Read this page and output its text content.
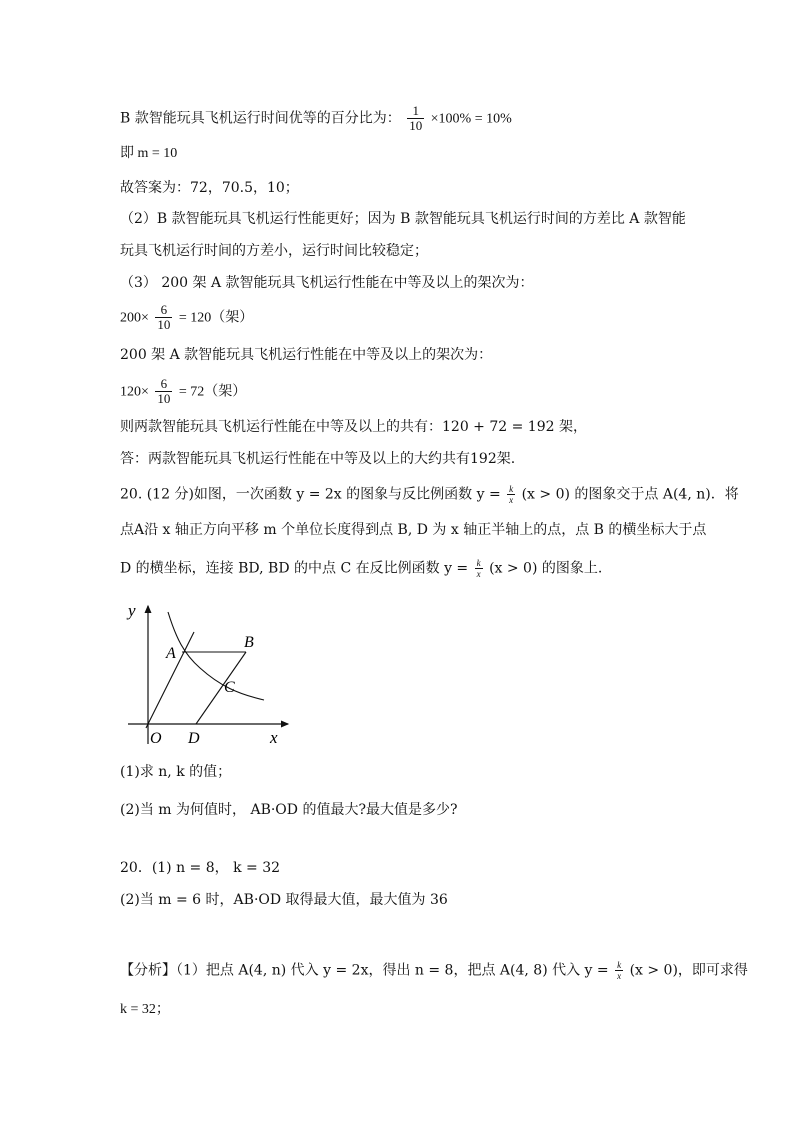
B 款智能玩具飞机运行时间优等的百分比为： $\frac{1}{10} \times 100\% = 10\%$
即 m = 10
故答案为：72，70.5，10；
（2）B 款智能玩具飞机运行性能更好；因为 B 款智能玩具飞机运行时间的方差比 A 款智能
玩具飞机运行时间的方差小，运行时间比较稳定；
（3） 200 架 A 款智能玩具飞机运行性能在中等及以上的架次为：
$200\times \frac{6}{10} = 120$（架）
200 架 A 款智能玩具飞机运行性能在中等及以上的架次为：
$120\times \frac{6}{10} = 72$（架）
则两款智能玩具飞机运行性能在中等及以上的共有：120 + 72 = 192 架，
答：两款智能玩具飞机运行性能在中等及以上的大约共有192架.
20. (12 分)如图，一次函数 y = 2x 的图象与反比例函数 $y = \frac{k}{x} (x > 0)$ 的图象交于点 A(4, n)．将
点A沿 x 轴正方向平移 m 个单位长度得到点 B, D 为 x 轴正半轴上的点，点 B 的横坐标大于点
D 的横坐标，连接 BD, BD 的中点 C 在反比例函数 $y = \frac{k}{x} (x > 0)$ 的图象上.
y
x
O D
A
B
C
(1)求 n, k 的值；
(2)当 m 为何值时， AB·OD 的值最大?最大值是多少?
20．(1) n = 8， k = 32
(2)当 m = 6 时，AB·OD 取得最大值，最大值为 36
【分析】（1）把点 A(4, n) 代入 y = 2x，得出 n = 8，把点 A(4, 8) 代入 $y = \frac{k}{x} (x > 0)$，即可求得
k = 32；
